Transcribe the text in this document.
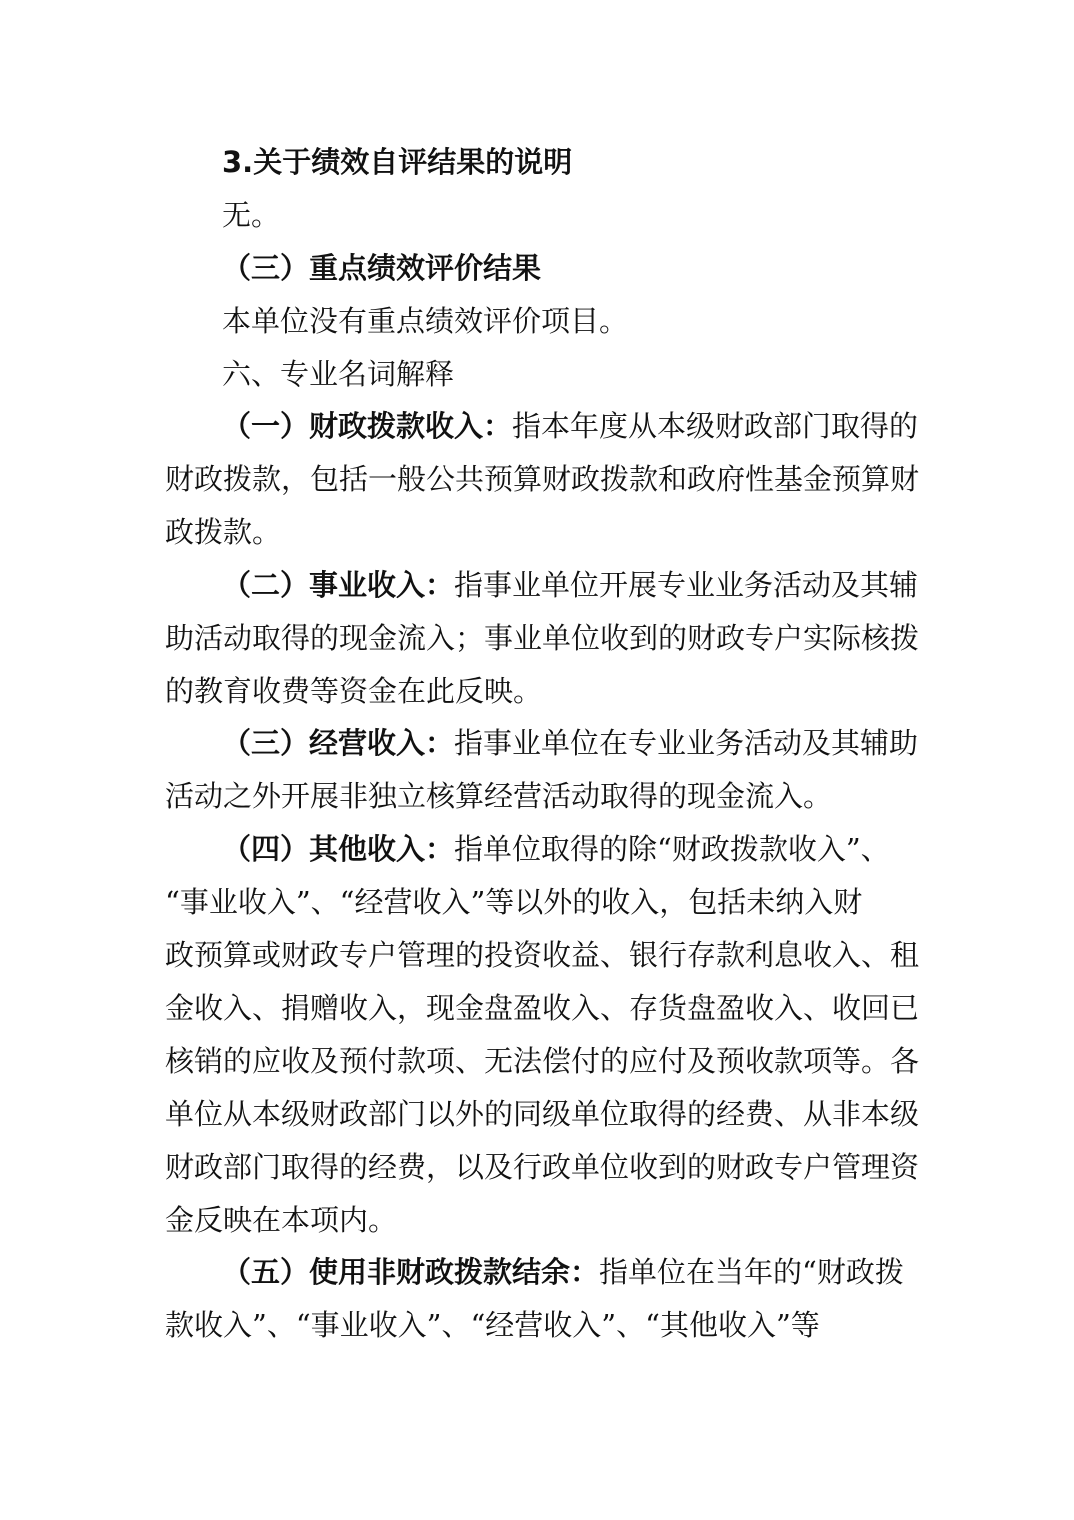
3.关于绩效自评结果的说明
无。
（三）重点绩效评价结果
本单位没有重点绩效评价项目。
六、专业名词解释
（一）财政拨款收入：指本年度从本级财政部门取得的
财政拨款，包括一般公共预算财政拨款和政府性基金预算财
政拨款。
（二）事业收入：指事业单位开展专业业务活动及其辅
助活动取得的现金流入；事业单位收到的财政专户实际核拨
的教育收费等资金在此反映。
（三）经营收入：指事业单位在专业业务活动及其辅助
活动之外开展非独立核算经营活动取得的现金流入。
（四）其他收入：指单位取得的除“财政拨款收入”、
“事业收入”、“经营收入”等以外的收入，包括未纳入财
政预算或财政专户管理的投资收益、银行存款利息收入、租
金收入、捐赠收入，现金盘盈收入、存货盘盈收入、收回已
核销的应收及预付款项、无法偿付的应付及预收款项等。各
单位从本级财政部门以外的同级单位取得的经费、从非本级
财政部门取得的经费，以及行政单位收到的财政专户管理资
金反映在本项内。
（五）使用非财政拨款结余：指单位在当年的“财政拨
款收入”、“事业收入”、“经营收入”、“其他收入”等
